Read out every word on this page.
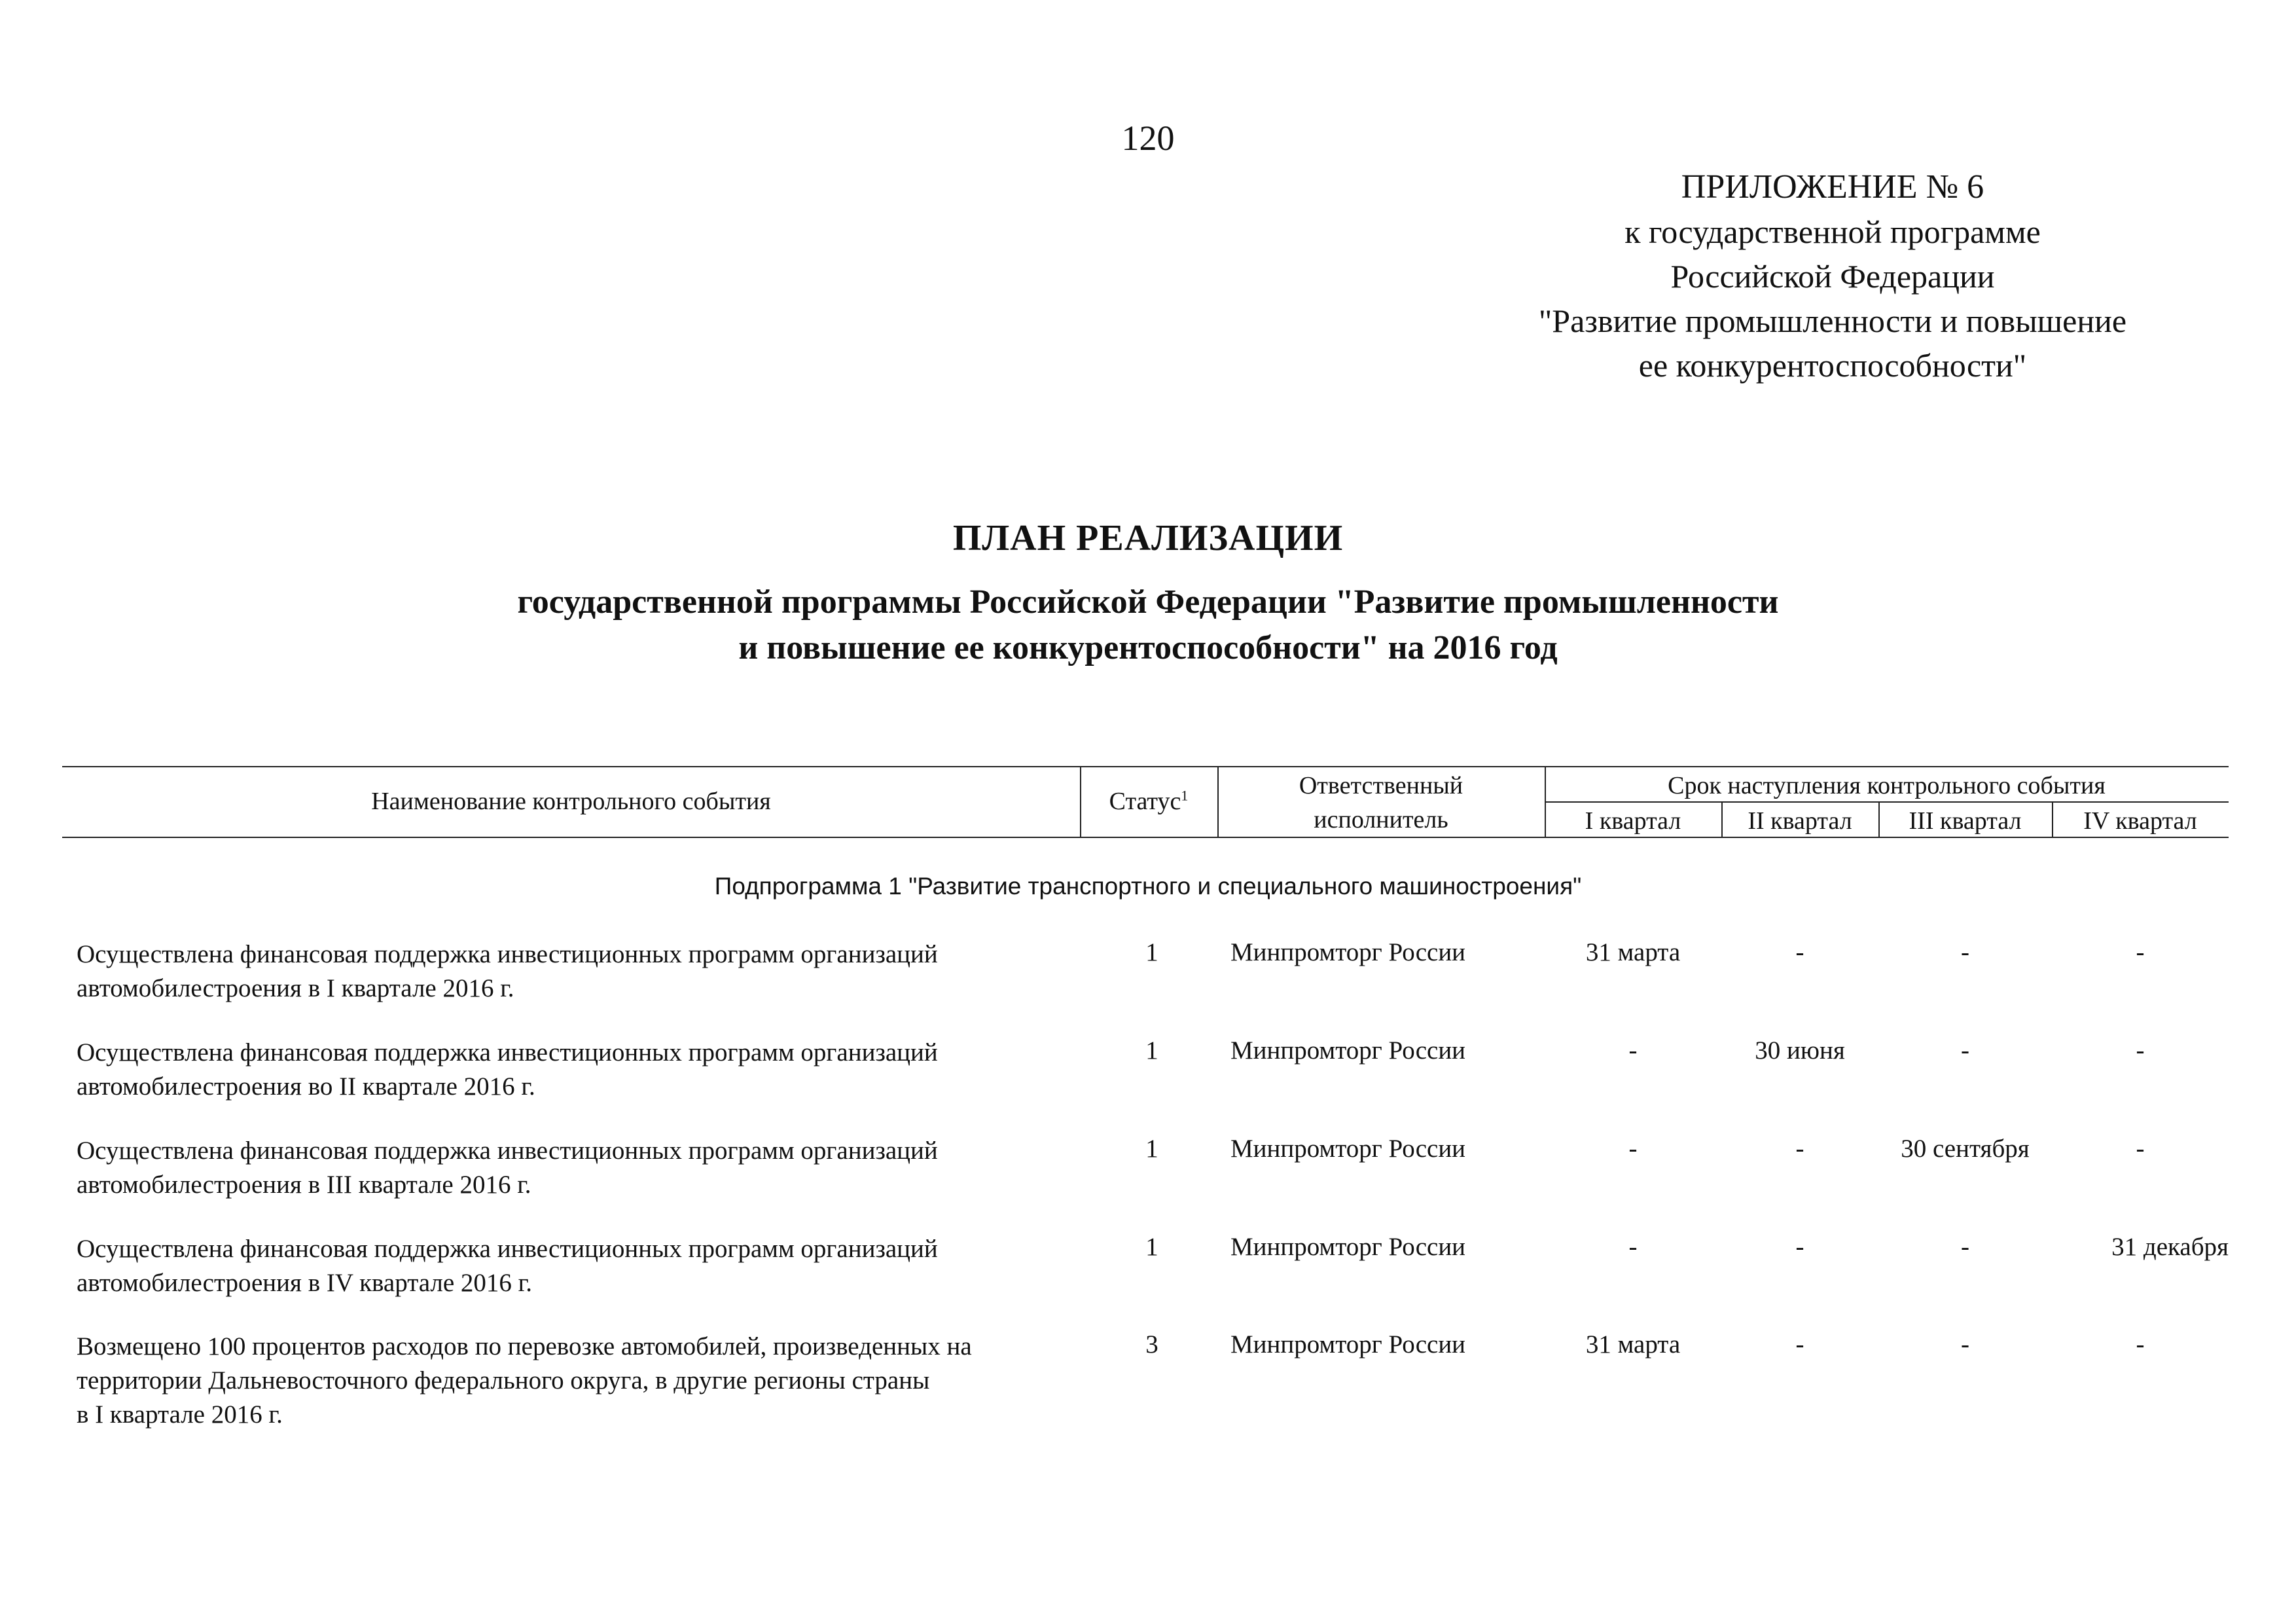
120
ПРИЛОЖЕНИЕ № 6
к государственной программе
Российской Федерации
"Развитие промышленности и повышение
ее конкурентоспособности"
ПЛАН РЕАЛИЗАЦИИ
государственной программы Российской Федерации "Развитие промышленности
и повышение ее конкурентоспособности" на 2016 год
Наименование контрольного события	Статус$^1$	Ответственный
исполнитель
Срок наступления контрольного события
I квартал	II квартал	III квартал	IV квартал
Подпрограмма 1 "Развитие транспортного и специального машиностроения"
Осуществлена финансовая поддержка инвестиционных программ организаций
автомобилестроения в I квартале 2016 г.
1	Минпромторг России	31 марта	-	-	-
Осуществлена финансовая поддержка инвестиционных программ организаций
автомобилестроения во II квартале 2016 г.
1	Минпромторг России	-	30 июня	-	-
Осуществлена финансовая поддержка инвестиционных программ организаций
автомобилестроения в III квартале 2016 г.
1	Минпромторг России	-	-	30 сентября	-
Осуществлена финансовая поддержка инвестиционных программ организаций
автомобилестроения в IV квартале 2016 г.
1	Минпромторг России	-	-	-	31 декабря
Возмещено 100 процентов расходов по перевозке автомобилей, произведенных на
территории Дальневосточного федерального округа, в другие регионы страны
в I квартале 2016 г.
3	Минпромторг России	31 марта	-	-	-
